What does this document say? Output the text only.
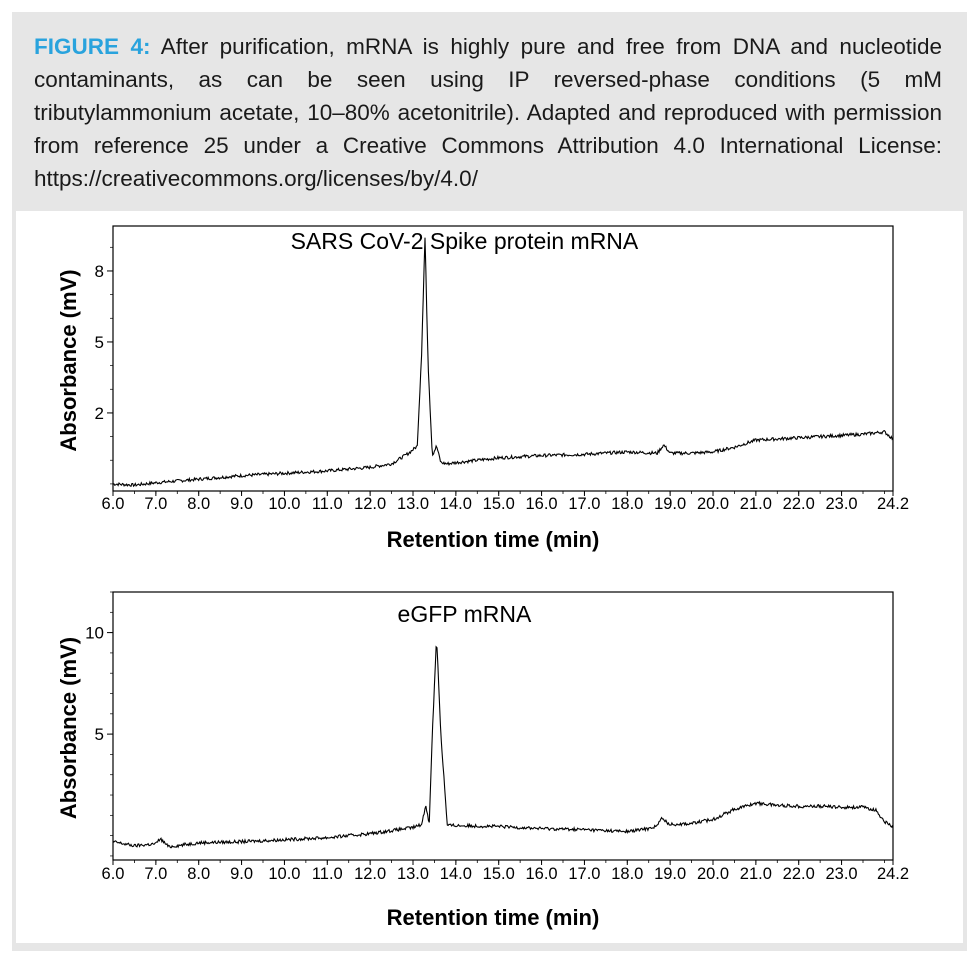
FIGURE 4: After purification, mRNA is highly pure and free from DNA and nucleotide contaminants, as can be seen using IP reversed-phase conditions (5 mM tributylammonium acetate, 10–80% acetonitrile). Adapted and reproduced with permission from reference 25 under a Creative Commons Attribution 4.0 International License: https://creativecommons.org/licenses/by/4.0/
SARS CoV-2 Spike protein mRNA
6.0 7.0 8.0 9.0 10.0 11.0 12.0 13.0 14.0 15.0 16.0 17.0 18.0 19.0 20.0 21.0 22.0 23.0 24.2
2
5
8
Retention time (min)
Absorbance (mV)
eGFP mRNA
6.0 7.0 8.0 9.0 10.0 11.0 12.0 13.0 14.0 15.0 16.0 17.0 18.0 19.0 20.0 21.0 22.0 23.0 24.2
5
10
Retention time (min)
Absorbance (mV)
